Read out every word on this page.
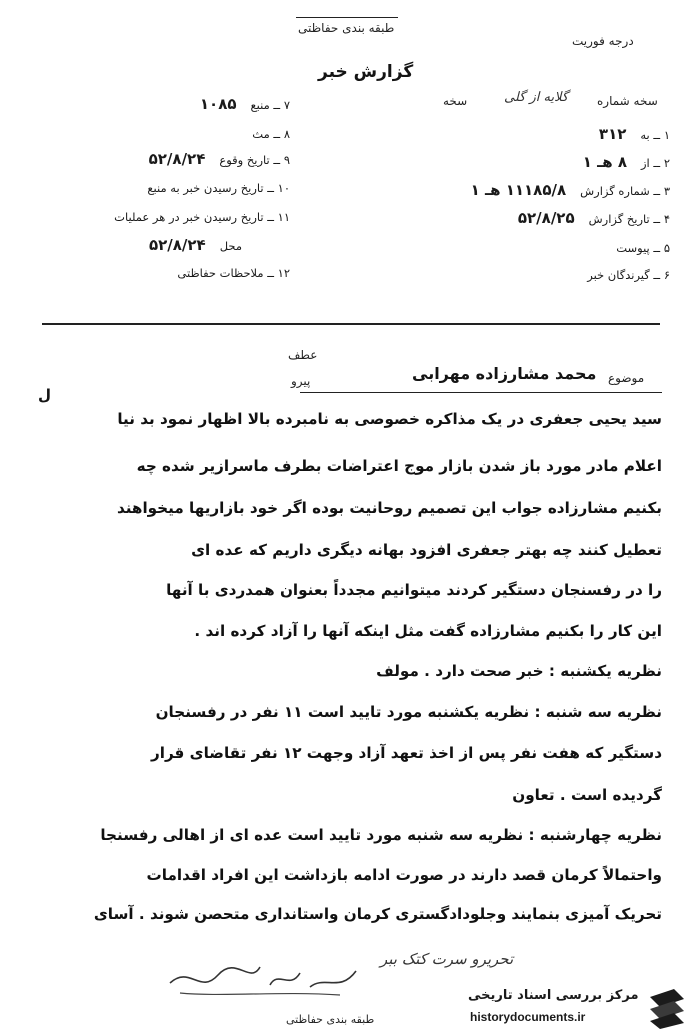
طبقه بندی حفاظتی
درجه فوریت
گزارش خبر
سخه شماره
گلایه از گلی
سخه
۷ ــ منبع۱۰۸۵
۸ ــ مث
۹ ــ تاریخ وقوع۵۲/۸/۲۴
۱۰ ــ تاریخ رسیدن خبر به منبع
۱۱ ــ تاریخ رسیدن خبر در هر عملیات
محل۵۲/۸/۲۴
۱۲ ــ ملاحظات حفاظتی
۱ ــ به۳۱۲
۲ ــ از۸ هـ ۱
۳ ــ شماره گزارش۱۱۱۸۵/۸ هـ ۱
۴ ــ تاریخ گزارش۵۲/۸/۲۵
۵ ــ پیوست
۶ ــ گیرندگان خبر
عطف
پیرو	موضوع
محمد مشارزاده مهرابی
ل
سید یحیی جعفری در یک مذاکره خصوصی به نامبرده بالا اظهار نمود بد نیا
اعلام مادر مورد باز شدن بازار موج اعتراضات بطرف ماسرازیر شده چه
بکنیم مشارزاده جواب این تصمیم روحانیت بوده اگر خود بازاریها میخواهند
تعطیل کنند چه بهتر جعفری افزود بهانه دیگری داریم که عده ای
را در رفسنجان دستگیر کردند میتوانیم مجدداً بعنوان همدردی با آنها
این کار را بکنیم مشارزاده گفت مثل اینکه آنها را آزاد کرده اند .
نظریه یکشنبه : خبر صحت دارد . مولف
نظریه سه شنبه : نظریه یکشنبه مورد تایید است ۱۱ نفر در رفسنجان
دستگیر که هفت نفر پس از اخذ تعهد آزاد وجهت ۱۲ نفر تقاضای قرار
گردیده است . تعاون
نظریه چهارشنبه : نظریه سه شنبه مورد تایید است عده ای از اهالی رفسنجا
واحتمالاً کرمان قصد دارند در صورت ادامه بازداشت این افراد اقدامات
تحریک آمیزی بنمایند وجلودادگستری کرمان واستانداری متحصن شوند . آسای
تحریرو سرت کتک ببر
طبقه بندی حفاظتی
مرکز بررسی اسناد تاریخی
historydocuments.ir
